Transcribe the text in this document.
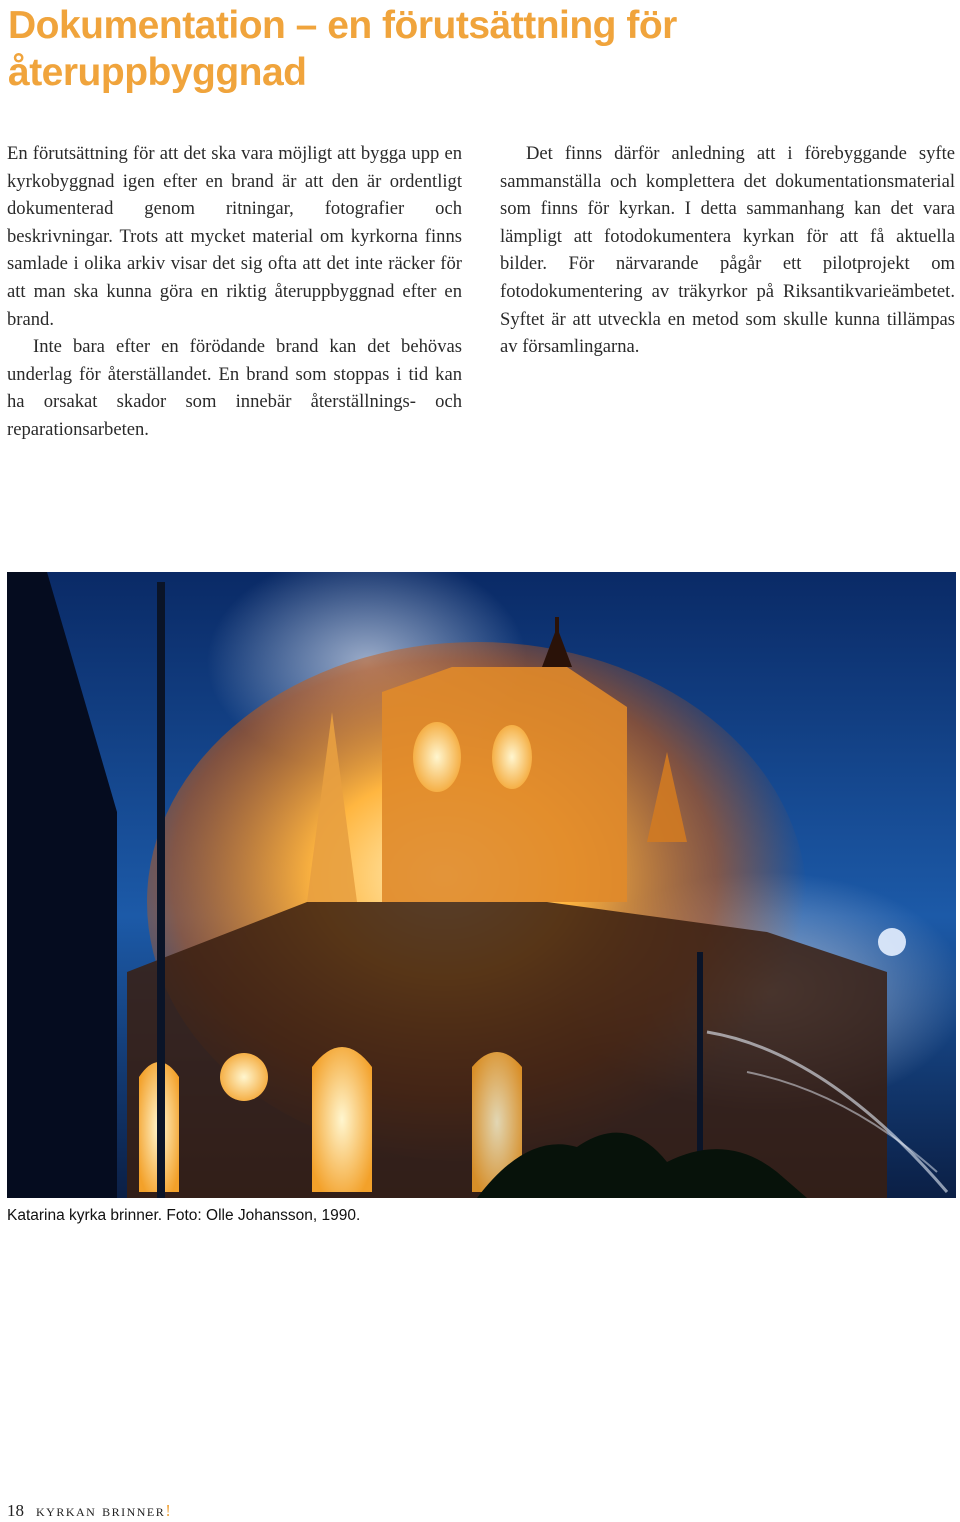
Dokumentation – en förutsättning för återuppbyggnad

En förutsättning för att det ska vara möjligt att bygga upp en kyrkobyggnad igen efter en brand är att den är ordentligt dokumenterad genom ritningar, fotografier och beskrivningar. Trots att mycket material om kyrkorna finns samlade i olika arkiv visar det sig ofta att det inte räcker för att man ska kunna göra en riktig återuppbyggnad efter en brand.

Inte bara efter en förödande brand kan det behövas underlag för återställandet. En brand som stoppas i tid kan ha orsakat skador som innebär återställnings- och reparationsarbeten.

Det finns därför anledning att i förebyggande syfte sammanställa och komplettera det dokumentationsmaterial som finns för kyrkan. I detta sammanhang kan det vara lämpligt att fotodokumentera kyrkan för att få aktuella bilder. För närvarande pågår ett pilotprojekt om fotodokumentering av träkyrkor på Riksantikvarieämbetet. Syftet är att utveckla en metod som skulle kunna tillämpas av församlingarna.

Katarina kyrka brinner. Foto: Olle Johansson, 1990.

18 kyrkan brinner!
